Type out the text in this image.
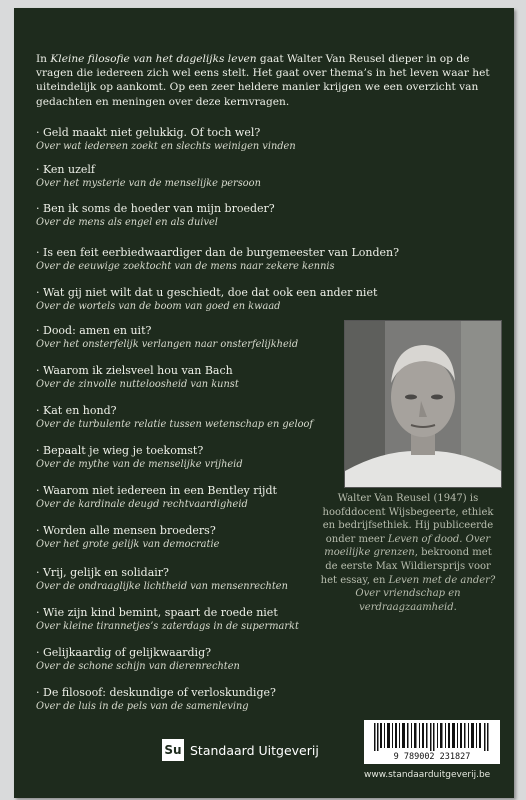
In Kleine filosofie van het dagelijks leven gaat Walter Van Reusel dieper in op de vragen die iedereen zich wel eens stelt. Het gaat over thema’s in het leven waar het uiteindelijk op aankomt. Op een zeer heldere manier krijgen we een overzicht van gedachten en meningen over deze kernvragen.

· Geld maakt niet gelukkig. Of toch wel?
Over wat iedereen zoekt en slechts weinigen vinden
· Ken uzelf
Over het mysterie van de menselijke persoon
· Ben ik soms de hoeder van mijn broeder?
Over de mens als engel en als duivel
· Is een feit eerbiedwaardiger dan de burgemeester van Londen?
Over de eeuwige zoektocht van de mens naar zekere kennis
· Wat gij niet wilt dat u geschiedt, doe dat ook een ander niet
Over de wortels van de boom van goed en kwaad
· Dood: amen en uit?
Over het onsterfelijk verlangen naar onsterfelijkheid
· Waarom ik zielsveel hou van Bach
Over de zinvolle nutteloosheid van kunst
· Kat en hond?
Over de turbulente relatie tussen wetenschap en geloof
· Bepaalt je wieg je toekomst?
Over de mythe van de menselijke vrijheid
· Waarom niet iedereen in een Bentley rijdt
Over de kardinale deugd rechtvaardigheid
· Worden alle mensen broeders?
Over het grote gelijk van democratie
· Vrij, gelijk en solidair?
Over de ondraaglijke lichtheid van mensenrechten
· Wie zijn kind bemint, spaart de roede niet
Over kleine tirannetjes’s zaterdags in de supermarkt
· Gelijkaardig of gelijkwaardig?
Over de schone schijn van dierenrechten
· De filosoof: deskundige of verloskundige?
Over de luis in de pels van de samenleving

Walter Van Reusel (1947) is hoofddocent Wijsbegeerte, ethiek en bedrijfsethiek. Hij publiceerde onder meer Leven of dood. Over moeilijke grenzen, bekroond met de eerste Max Wildiersprijs voor het essay, en Leven met de ander? Over vriendschap en verdraagzaamheid.

Su Standaard Uitgeverij	9 789002 231827
www.standaarduitgeverij.be
